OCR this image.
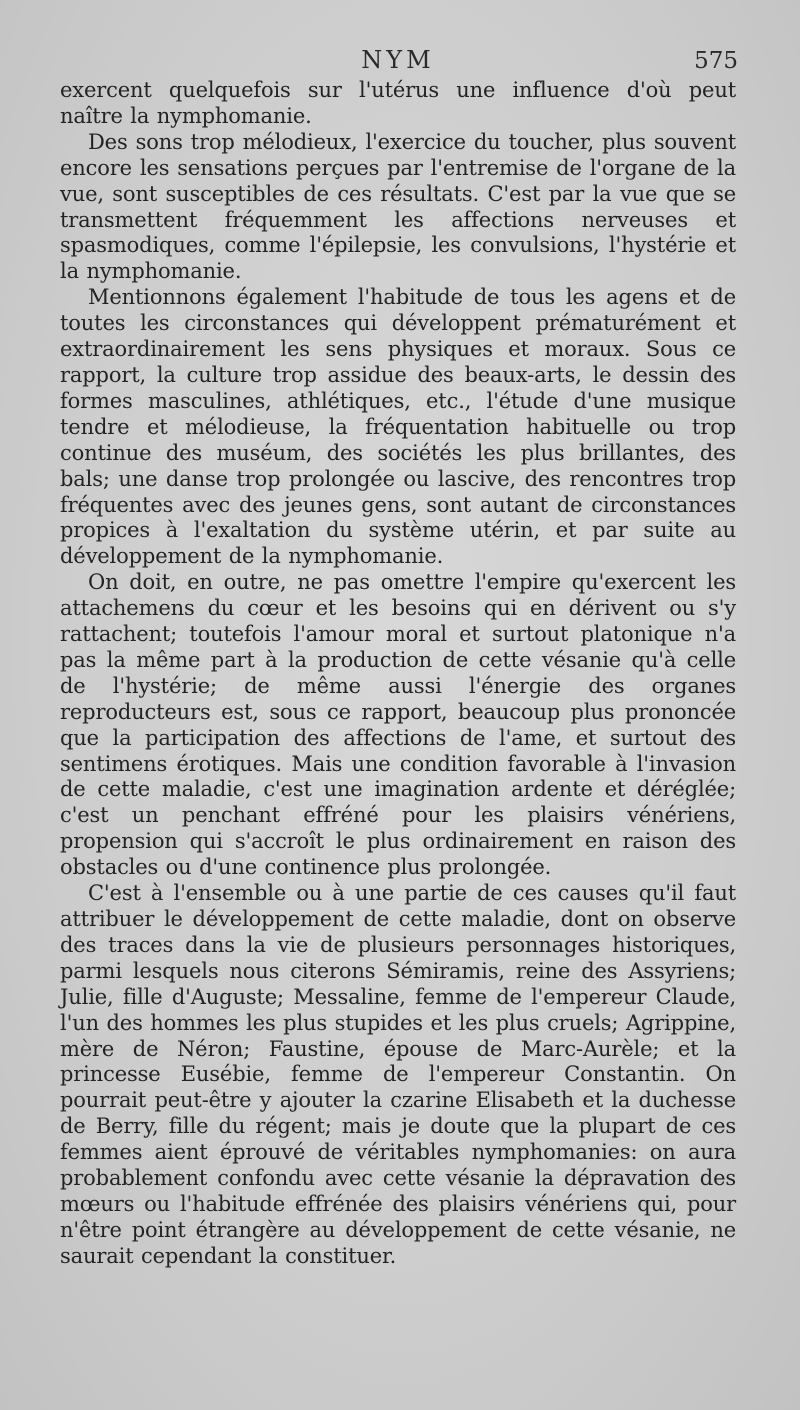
NYM	575

exercent quelquefois sur l'utérus une influence d'où peut naître la nymphomanie.

Des sons trop mélodieux, l'exercice du toucher, plus souvent encore les sensations perçues par l'entremise de l'organe de la vue, sont susceptibles de ces résultats. C'est par la vue que se transmettent fréquemment les affections nerveuses et spasmodiques, comme l'épilepsie, les convulsions, l'hystérie et la nymphomanie.

Mentionnons également l'habitude de tous les agens et de toutes les circonstances qui développent prématurément et extraordinairement les sens physiques et moraux. Sous ce rapport, la culture trop assidue des beaux-arts, le dessin des formes masculines, athlétiques, etc., l'étude d'une musique tendre et mélodieuse, la fréquentation habituelle ou trop continue des muséum, des sociétés les plus brillantes, des bals; une danse trop prolongée ou lascive, des rencontres trop fréquentes avec des jeunes gens, sont autant de circonstances propices à l'exaltation du système utérin, et par suite au développement de la nymphomanie.

On doit, en outre, ne pas omettre l'empire qu'exercent les attachemens du cœur et les besoins qui en dérivent ou s'y rattachent; toutefois l'amour moral et surtout platonique n'a pas la même part à la production de cette vésanie qu'à celle de l'hystérie; de même aussi l'énergie des organes reproducteurs est, sous ce rapport, beaucoup plus prononcée que la participation des affections de l'ame, et surtout des sentimens érotiques. Mais une condition favorable à l'invasion de cette maladie, c'est une imagination ardente et déréglée; c'est un penchant effréné pour les plaisirs vénériens, propension qui s'accroît le plus ordinairement en raison des obstacles ou d'une continence plus prolongée.

C'est à l'ensemble ou à une partie de ces causes qu'il faut attribuer le développement de cette maladie, dont on observe des traces dans la vie de plusieurs personnages historiques, parmi lesquels nous citerons Sémiramis, reine des Assyriens; Julie, fille d'Auguste; Messaline, femme de l'empereur Claude, l'un des hommes les plus stupides et les plus cruels; Agrippine, mère de Néron; Faustine, épouse de Marc-Aurèle; et la princesse Eusébie, femme de l'empereur Constantin. On pourrait peut-être y ajouter la czarine Elisabeth et la duchesse de Berry, fille du régent; mais je doute que la plupart de ces femmes aient éprouvé de véritables nymphomanies: on aura probablement confondu avec cette vésanie la dépravation des mœurs ou l'habitude effrénée des plaisirs vénériens qui, pour n'être point étrangère au développement de cette vésanie, ne saurait cependant la constituer.
